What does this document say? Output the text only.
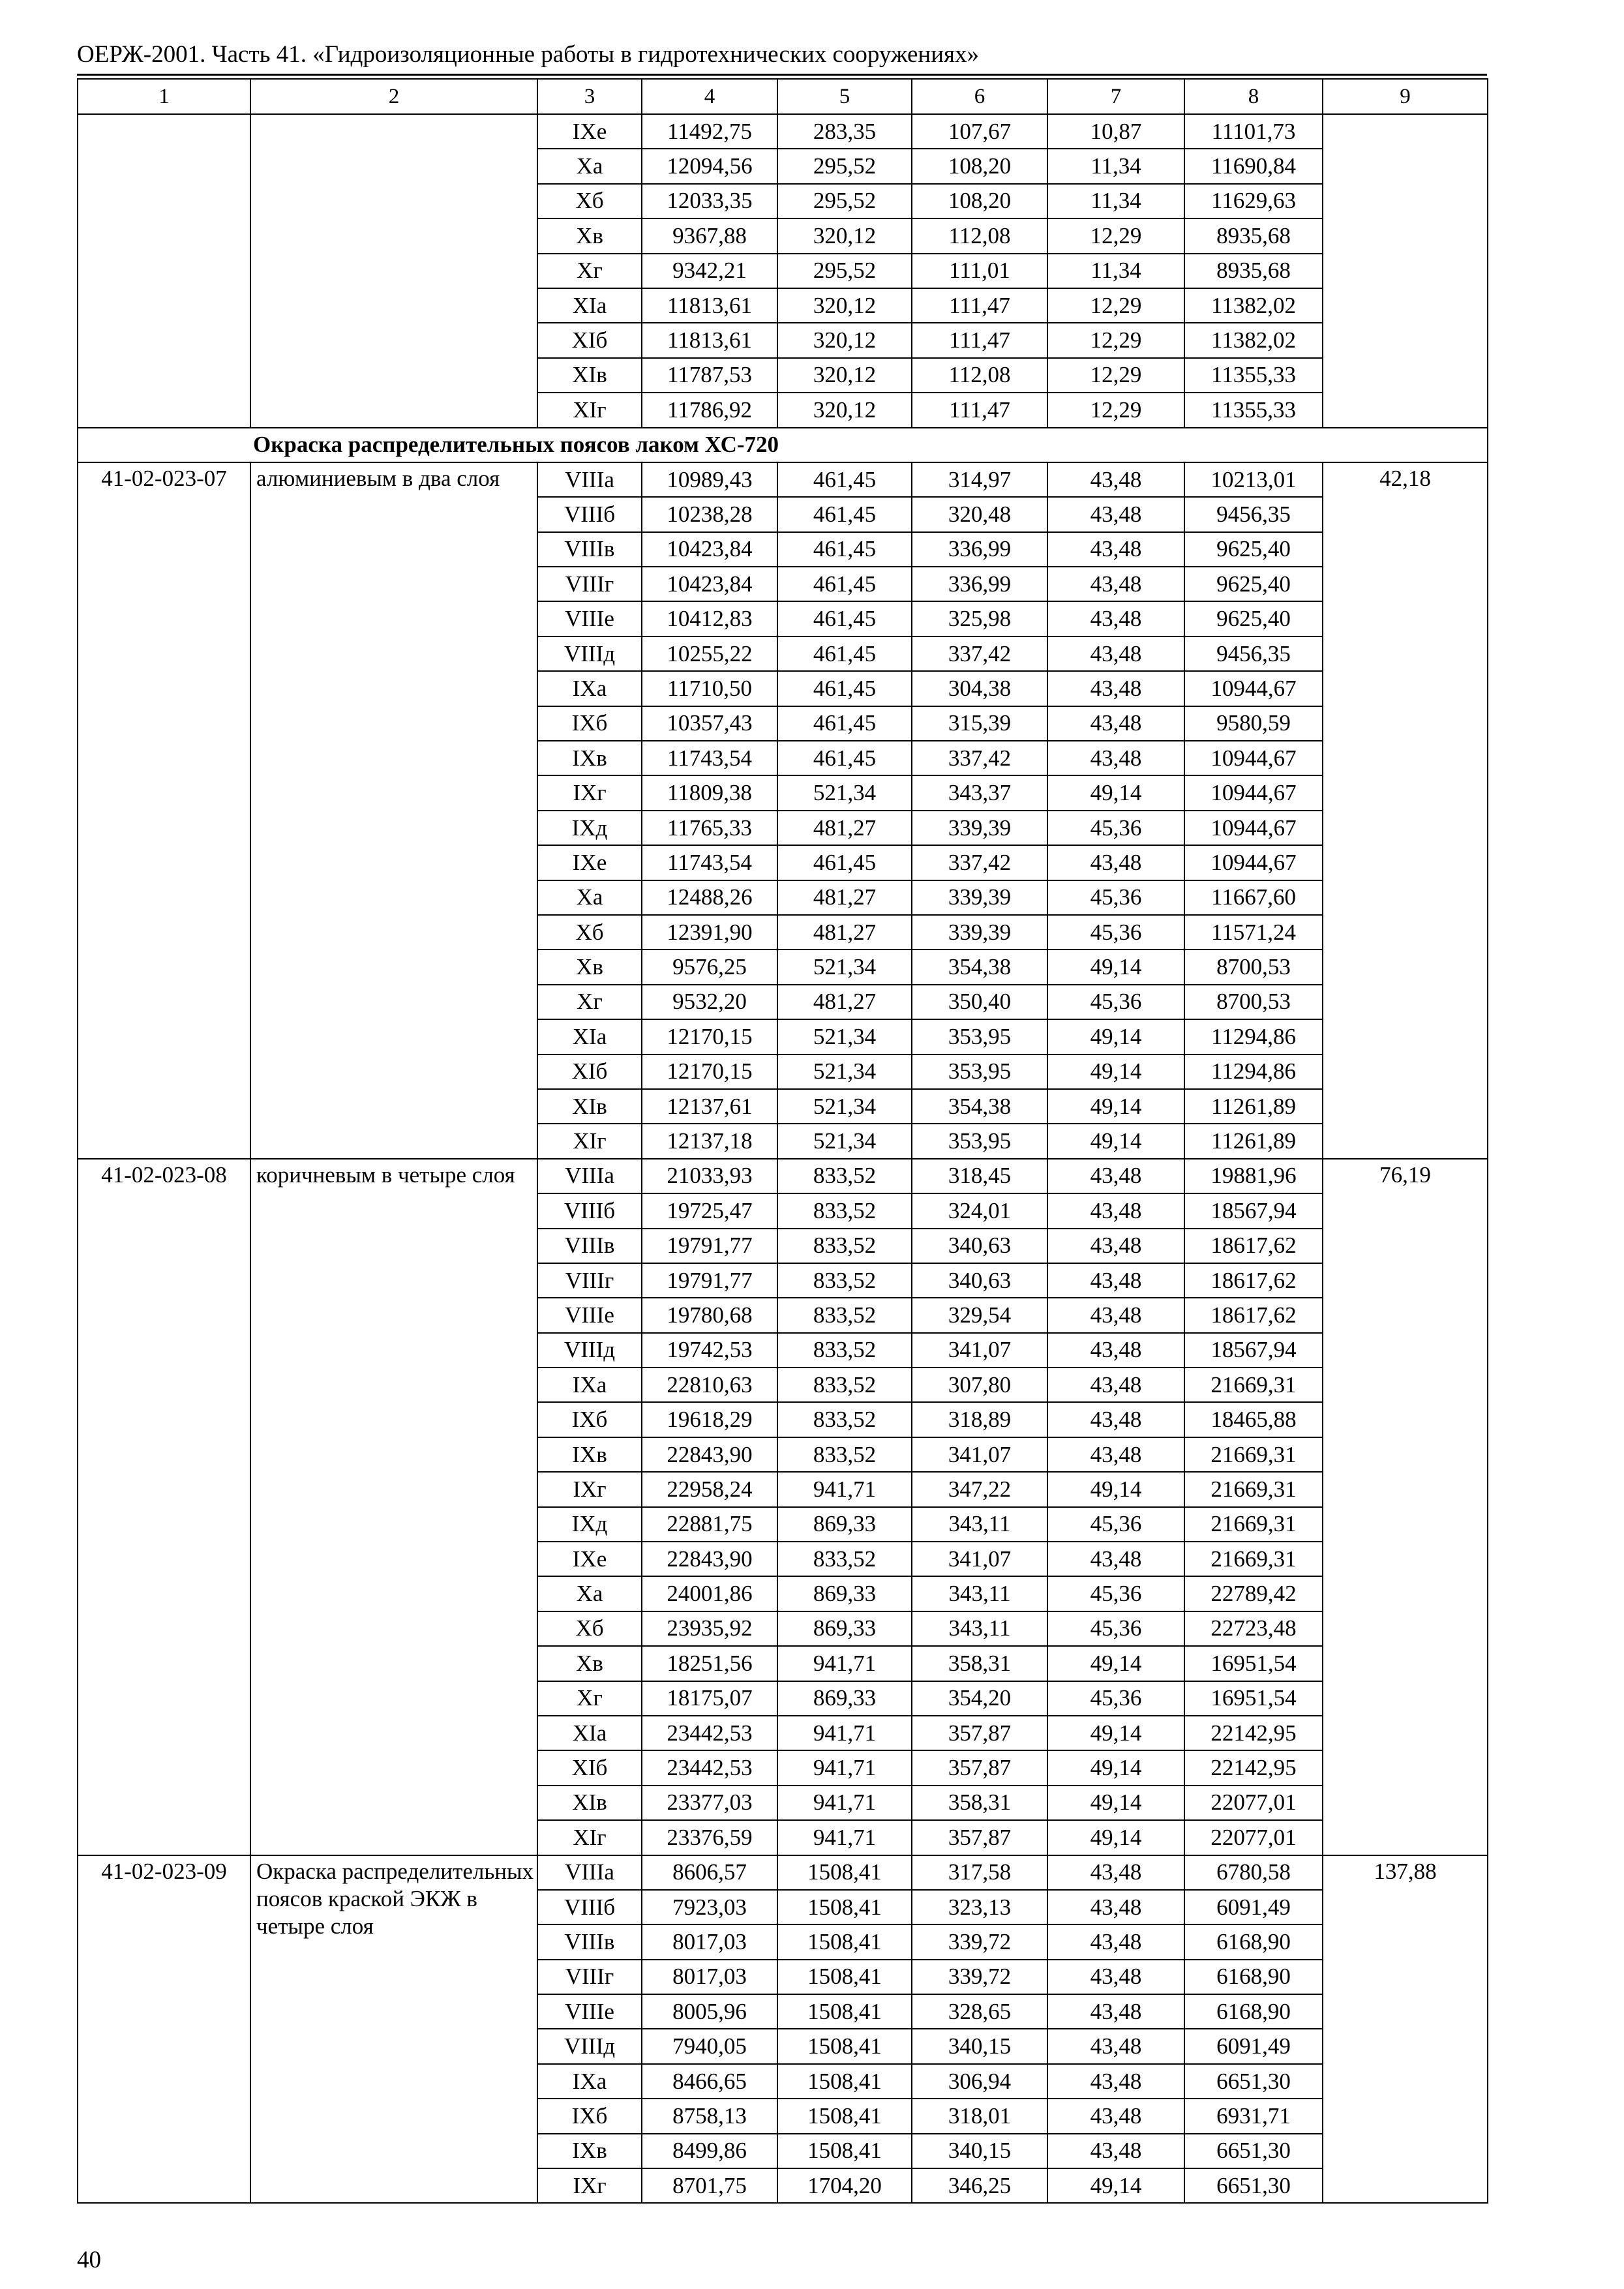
ОЕРЖ-2001. Часть 41. «Гидроизоляционные работы в гидротехнических сооружениях»
1	2	3	4	5	6	7	8	9
		IXе	11492,75	283,35	107,67	10,87	11101,73	
		Xа	12094,56	295,52	108,20	11,34	11690,84	
		Xб	12033,35	295,52	108,20	11,34	11629,63	
		Xв	9367,88	320,12	112,08	12,29	8935,68	
		Xг	9342,21	295,52	111,01	11,34	8935,68	
		XIа	11813,61	320,12	111,47	12,29	11382,02	
		XIб	11813,61	320,12	111,47	12,29	11382,02	
		XIв	11787,53	320,12	112,08	12,29	11355,33	
		XIг	11786,92	320,12	111,47	12,29	11355,33	
Окраска распределительных поясов лаком ХС-720								
41-02-023-07	алюминиевым в два слоя	VIIIа	10989,43	461,45	314,97	43,48	10213,01	42,18
		VIIIб	10238,28	461,45	320,48	43,48	9456,35	
		VIIIв	10423,84	461,45	336,99	43,48	9625,40	
		VIIIг	10423,84	461,45	336,99	43,48	9625,40	
		VIIIе	10412,83	461,45	325,98	43,48	9625,40	
		VIIIд	10255,22	461,45	337,42	43,48	9456,35	
		IXа	11710,50	461,45	304,38	43,48	10944,67	
		IXб	10357,43	461,45	315,39	43,48	9580,59	
		IXв	11743,54	461,45	337,42	43,48	10944,67	
		IXг	11809,38	521,34	343,37	49,14	10944,67	
		IXд	11765,33	481,27	339,39	45,36	10944,67	
		IXе	11743,54	461,45	337,42	43,48	10944,67	
		Xа	12488,26	481,27	339,39	45,36	11667,60	
		Xб	12391,90	481,27	339,39	45,36	11571,24	
		Xв	9576,25	521,34	354,38	49,14	8700,53	
		Xг	9532,20	481,27	350,40	45,36	8700,53	
		XIа	12170,15	521,34	353,95	49,14	11294,86	
		XIб	12170,15	521,34	353,95	49,14	11294,86	
		XIв	12137,61	521,34	354,38	49,14	11261,89	
		XIг	12137,18	521,34	353,95	49,14	11261,89	
41-02-023-08	коричневым в четыре слоя	VIIIа	21033,93	833,52	318,45	43,48	19881,96	76,19
		VIIIб	19725,47	833,52	324,01	43,48	18567,94	
		VIIIв	19791,77	833,52	340,63	43,48	18617,62	
		VIIIг	19791,77	833,52	340,63	43,48	18617,62	
		VIIIе	19780,68	833,52	329,54	43,48	18617,62	
		VIIIд	19742,53	833,52	341,07	43,48	18567,94	
		IXа	22810,63	833,52	307,80	43,48	21669,31	
		IXб	19618,29	833,52	318,89	43,48	18465,88	
		IXв	22843,90	833,52	341,07	43,48	21669,31	
		IXг	22958,24	941,71	347,22	49,14	21669,31	
		IXд	22881,75	869,33	343,11	45,36	21669,31	
		IXе	22843,90	833,52	341,07	43,48	21669,31	
		Xа	24001,86	869,33	343,11	45,36	22789,42	
		Xб	23935,92	869,33	343,11	45,36	22723,48	
		Xв	18251,56	941,71	358,31	49,14	16951,54	
		Xг	18175,07	869,33	354,20	45,36	16951,54	
		XIа	23442,53	941,71	357,87	49,14	22142,95	
		XIб	23442,53	941,71	357,87	49,14	22142,95	
		XIв	23377,03	941,71	358,31	49,14	22077,01	
		XIг	23376,59	941,71	357,87	49,14	22077,01	
41-02-023-09	Окраска распределительных поясов краской ЭКЖ в четыре слоя	VIIIа	8606,57	1508,41	317,58	43,48	6780,58	137,88
		VIIIб	7923,03	1508,41	323,13	43,48	6091,49	
		VIIIв	8017,03	1508,41	339,72	43,48	6168,90	
		VIIIг	8017,03	1508,41	339,72	43,48	6168,90	
		VIIIе	8005,96	1508,41	328,65	43,48	6168,90	
		VIIIд	7940,05	1508,41	340,15	43,48	6091,49	
		IXа	8466,65	1508,41	306,94	43,48	6651,30	
		IXб	8758,13	1508,41	318,01	43,48	6931,71	
		IXв	8499,86	1508,41	340,15	43,48	6651,30	
		IXг	8701,75	1704,20	346,25	49,14	6651,30	
40
